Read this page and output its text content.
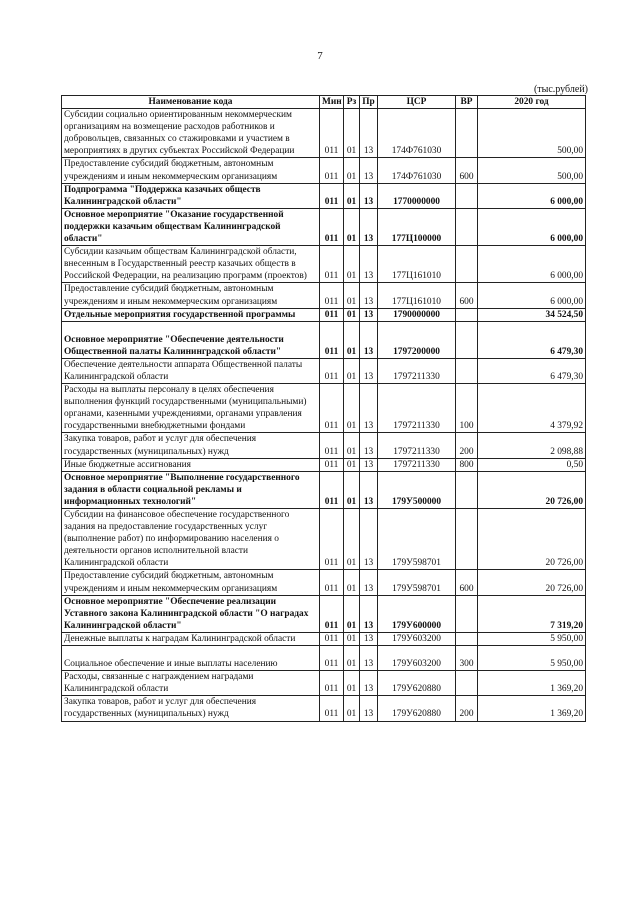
7
(тыс.рублей)
Наименование кода	Мин	Рз	Пр	ЦСР	ВР	2020 год
Субсидии социально ориентированным некоммерческим организациям на возмещение расходов работников и добровольцев, связанных со стажировками и участием в мероприятиях в других субъектах Российской Федерации	011	01	13	174Ф761030		500,00
Предоставление субсидий бюджетным, автономным учреждениям и иным некоммерческим организациям	011	01	13	174Ф761030	600	500,00
Подпрограмма "Поддержка казачьих обществ Калининградской области"	011	01	13	1770000000		6 000,00
Основное мероприятие "Оказание государственной поддержки казачьим обществам Калининградской области"	011	01	13	177Ц100000		6 000,00
Субсидии казачьим обществам Калининградской области, внесенным в Государственный реестр казачьих обществ в Российской Федерации, на реализацию программ (проектов)	011	01	13	177Ц161010		6 000,00
Предоставление субсидий бюджетным, автономным учреждениям и иным некоммерческим организациям	011	01	13	177Ц161010	600	6 000,00
Отдельные мероприятия государственной программы	011	01	13	1790000000		34 524,50
Основное мероприятие "Обеспечение деятельности Общественной палаты Калининградской области"	011	01	13	1797200000		6 479,30
Обеспечение деятельности аппарата Общественной палаты Калининградской области	011	01	13	1797211330		6 479,30
Расходы на выплаты персоналу в целях обеспечения выполнения функций государственными (муниципальными) органами, казенными учреждениями, органами управления государственными внебюджетными фондами	011	01	13	1797211330	100	4 379,92
Закупка товаров, работ и услуг для обеспечения государственных (муниципальных) нужд	011	01	13	1797211330	200	2 098,88
Иные бюджетные ассигнования	011	01	13	1797211330	800	0,50
Основное мероприятие "Выполнение государственного задания в области социальной рекламы и информационных технологий"	011	01	13	179У500000		20 726,00
Субсидии на финансовое обеспечение государственного задания на предоставление государственных услуг (выполнение работ) по информированию населения о деятельности органов исполнительной власти Калининградской области	011	01	13	179У598701		20 726,00
Предоставление субсидий бюджетным, автономным учреждениям и иным некоммерческим организациям	011	01	13	179У598701	600	20 726,00
Основное мероприятие "Обеспечение реализации Уставного закона Калининградской области "О наградах Калининградской области"	011	01	13	179У600000		7 319,20
Денежные выплаты к наградам Калининградской области	011	01	13	179У603200		5 950,00
Социальное обеспечение и иные выплаты населению	011	01	13	179У603200	300	5 950,00
Расходы, связанные с награждением наградами Калининградской области	011	01	13	179У620880		1 369,20
Закупка товаров, работ и услуг для обеспечения государственных (муниципальных) нужд	011	01	13	179У620880	200	1 369,20
